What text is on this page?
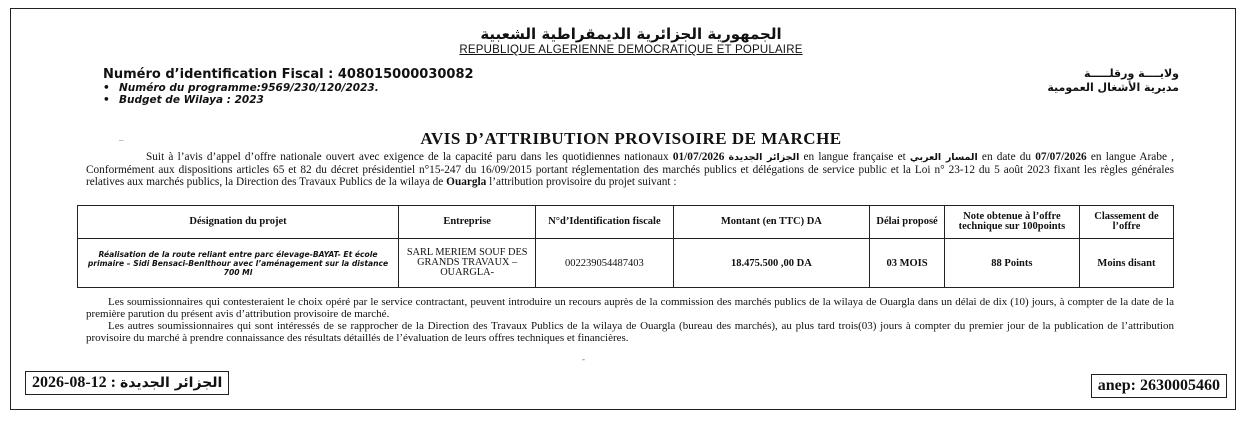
الجمهورية الجزائرية الديمقراطية الشعبية
REPUBLIQUE ALGERIENNE DEMOCRATIQUE ET POPULAIRE
Numéro d’identification Fiscal : 408015000030082
• Numéro du programme:9569/230/120/2023.
• Budget de Wilaya : 2023
ولايــــة ورقلـــــة
مديرية الأشغال العمومية
–	AVIS D’ATTRIBUTION PROVISOIRE DE MARCHE
Suit à l’avis d’appel d’offre nationale ouvert avec exigence de la capacité paru dans les quotidiennes nationaux	الجزائر الجديدة 01/07/2026	en langue française et المسار العربي en date du 07/07/2026 en langue Arabe , Conformément aux dispositions articles 65 et 82 du décret présidentiel n°15-247 du 16/09/2015 portant réglementation des marchés publics et délégations de service public et la Loi n° 23-12 du 5 août 2023 fixant les règles générales relatives aux marchés publics, la Direction des Travaux Publics de la wilaya de Ouargla l’attribution provisoire du projet suivant :
Désignation du projet	Entreprise	N°d’Identification fiscale	Montant (en TTC) DA	Délai proposé	Note obtenue à l’offre technique sur 100points	Classement de l’offre
Réalisation de la route reliant entre parc élevage-BAYAT- Et école primaire – Sidi Bensaci-Benlthour avec l’aménagement sur la distance 700 Ml	SARL MERIEM SOUF DES GRANDS TRAVAUX – OUARGLA-	002239054487403	18.475.500 ,00 DA	03 MOIS	88 Points	Moins disant

Les soumissionnaires qui contesteraient le choix opéré par le service contractant, peuvent introduire un recours auprès de la commission des marchés publics de la wilaya de Ouargla dans un délai de dix (10) jours, à compter de la date de la première parution du présent avis d’attribution provisoire de marché.

Les autres soumissionnaires qui sont intéressés de se rapprocher de la Direction des Travaux Publics de la wilaya de Ouargla (bureau des marchés), au plus tard trois(03) jours à compter du premier jour de la publication de l’attribution provisoire du marché à prendre connaissance des résultats détaillés de l’évaluation de leurs offres techniques et financières.

-
الجزائر الجديدة : 2026-08-12	anep: 2630005460
